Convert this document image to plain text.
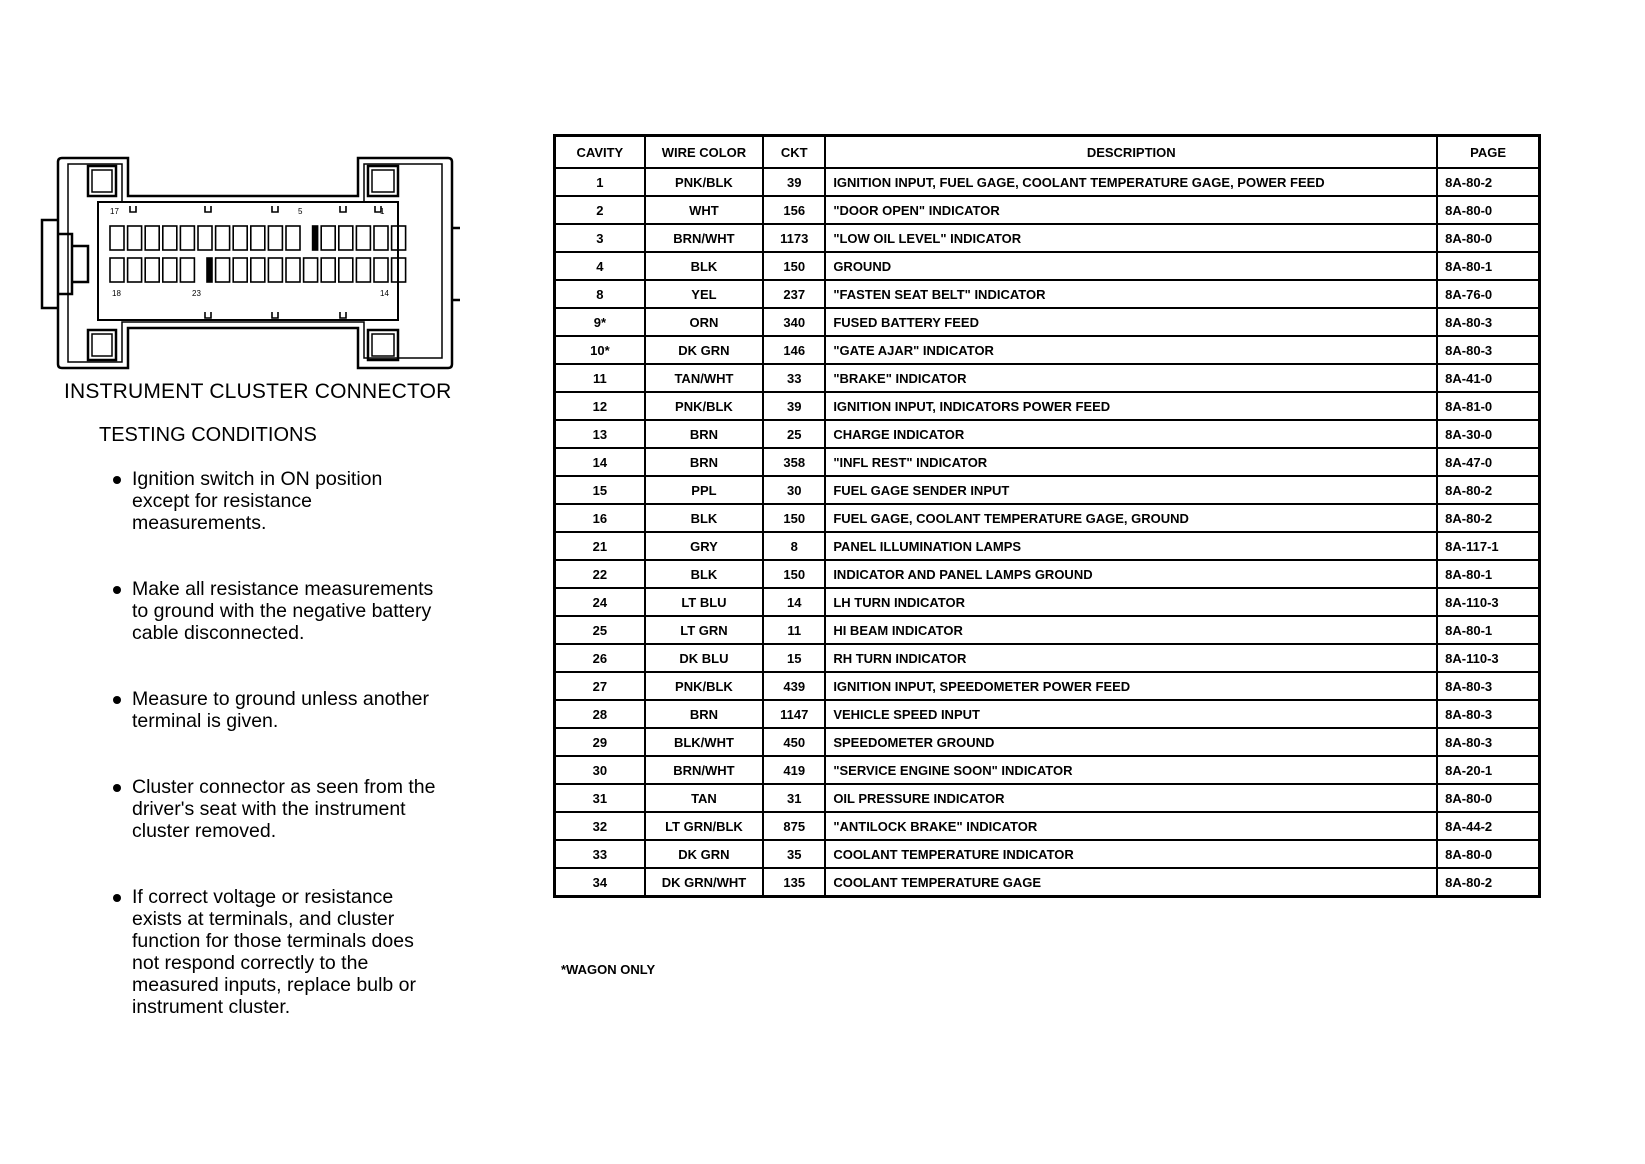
17	5	1
18	23	14
INSTRUMENT CLUSTER CONNECTOR
TESTING CONDITIONS
Ignition switch in ON position except for resistance measurements.
Make all resistance measurements to ground with the negative battery cable disconnected.
Measure to ground unless another terminal is given.
Cluster connector as seen from the driver's seat with the instrument cluster removed.
If correct voltage or resistance exists at terminals, and cluster function for those terminals does not respond correctly to the measured inputs, replace bulb or instrument cluster.
CAVITY	WIRE COLOR	CKT	DESCRIPTION	PAGE
1	PNK/BLK	39	IGNITION INPUT, FUEL GAGE, COOLANT TEMPERATURE GAGE, POWER FEED	8A-80-2
2	WHT	156	"DOOR OPEN" INDICATOR	8A-80-0
3	BRN/WHT	1173	"LOW OIL LEVEL" INDICATOR	8A-80-0
4	BLK	150	GROUND	8A-80-1
8	YEL	237	"FASTEN SEAT BELT" INDICATOR	8A-76-0
9*	ORN	340	FUSED BATTERY FEED	8A-80-3
10*	DK GRN	146	"GATE AJAR" INDICATOR	8A-80-3
11	TAN/WHT	33	"BRAKE" INDICATOR	8A-41-0
12	PNK/BLK	39	IGNITION INPUT, INDICATORS POWER FEED	8A-81-0
13	BRN	25	CHARGE INDICATOR	8A-30-0
14	BRN	358	"INFL REST" INDICATOR	8A-47-0
15	PPL	30	FUEL GAGE SENDER INPUT	8A-80-2
16	BLK	150	FUEL GAGE, COOLANT TEMPERATURE GAGE, GROUND	8A-80-2
21	GRY	8	PANEL ILLUMINATION LAMPS	8A-117-1
22	BLK	150	INDICATOR AND PANEL LAMPS GROUND	8A-80-1
24	LT BLU	14	LH TURN INDICATOR	8A-110-3
25	LT GRN	11	HI BEAM INDICATOR	8A-80-1
26	DK BLU	15	RH TURN INDICATOR	8A-110-3
27	PNK/BLK	439	IGNITION INPUT, SPEEDOMETER POWER FEED	8A-80-3
28	BRN	1147	VEHICLE SPEED INPUT	8A-80-3
29	BLK/WHT	450	SPEEDOMETER GROUND	8A-80-3
30	BRN/WHT	419	"SERVICE ENGINE SOON" INDICATOR	8A-20-1
31	TAN	31	OIL PRESSURE INDICATOR	8A-80-0
32	LT GRN/BLK	875	"ANTILOCK BRAKE" INDICATOR	8A-44-2
33	DK GRN	35	COOLANT TEMPERATURE INDICATOR	8A-80-0
34	DK GRN/WHT	135	COOLANT TEMPERATURE GAGE	8A-80-2
*WAGON ONLY
